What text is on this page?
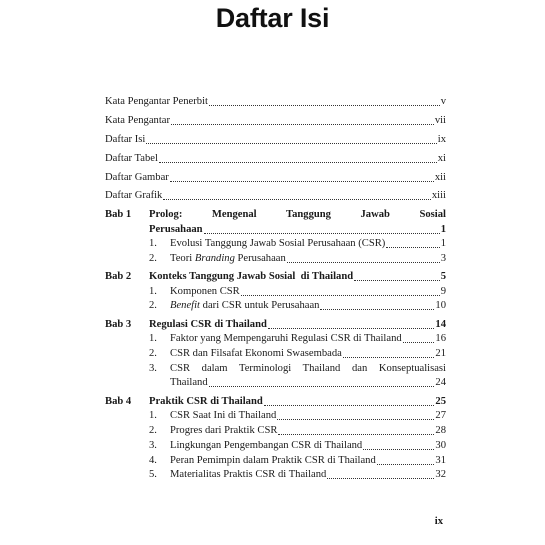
Daftar Isi
Kata Pengantar Penerbit	v
Kata Pengantar	vii
Daftar Isi	ix
Daftar Tabel	xi
Daftar Gambar	xii
Daftar Grafik	xiii
Bab 1 Prolog: Mengenal Tanggung Jawab Sosial
Perusahaan	1
1.	Evolusi Tanggung Jawab Sosial Perusahaan (CSR)	1
2.	Teori Branding Perusahaan	3
Bab 2 Konteks Tanggung Jawab Sosial  di Thailand	5
1.	Komponen CSR	9
2.	Benefit dari CSR untuk Perusahaan	10
Bab 3 Regulasi CSR di Thailand	14
1.	Faktor yang Mempengaruhi Regulasi CSR di Thailand	16
2.	CSR dan Filsafat Ekonomi Swasembada	21
3. CSR dalam Terminologi Thailand dan Konseptualisasi
Thailand	24
Bab 4 Praktik CSR di Thailand	25
1.	CSR Saat Ini di Thailand	27
2.	Progres dari Praktik CSR	28
3.	Lingkungan Pengembangan CSR di Thailand	30
4.	Peran Pemimpin dalam Praktik CSR di Thailand	31
5.	Materialitas Praktis CSR di Thailand	32
ix
